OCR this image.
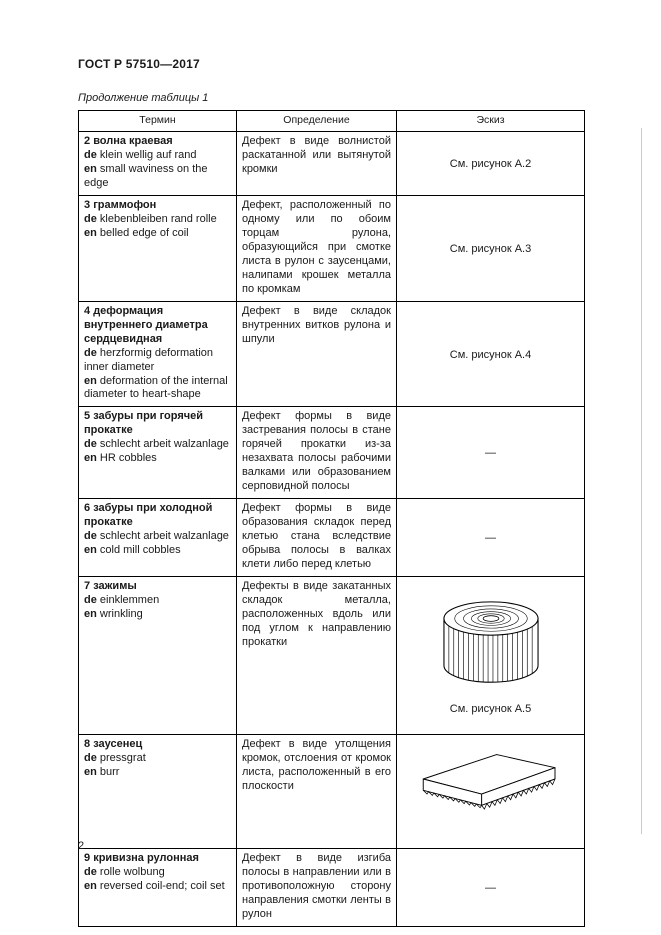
ГОСТ Р 57510—2017
Продолжение таблицы 1
Термин	Определение	Эскиз

2 волна краевая
de klein wellig auf rand
en small waviness on the edge	Дефект в виде волнистой раскатанной или вытянутой кромки	См. рисунок А.2

3 граммофон
de klebenbleiben rand rolle
en belled edge of coil	Дефект, расположенный по одному или по обоим торцам рулона, образующийся при смотке листа в рулон с заусенцами, налипами крошек металла по кромкам	См. рисунок А.3

4 деформация внутреннего диаметра сердцевидная
de herzformig deformation inner diameter
en deformation of the internal diameter to heart-shape	Дефект в виде складок внутренних витков рулона и шпули	См. рисунок А.4

5 забуры при горячей прокатке
de schlecht arbeit walzanlage
en HR cobbles	Дефект формы в виде застревания полосы в стане горячей прокатки из-за незахвата полосы рабочими валками или образованием серповидной полосы	—

6 забуры при холодной прокатке
de schlecht arbeit walzanlage
en cold mill cobbles	Дефект формы в виде образования складок перед клетью стана вследствие обрыва полосы в валках клети либо перед клетью	—

7 зажимы
de einklemmen
en wrinkling	Дефекты в виде закатанных складок металла, расположенных вдоль или под углом к направлению прокатки	См. рисунок А.5

8 заусенец
de pressgrat
en burr	Дефект в виде утолщения кромок, отслоения от кромок листа, расположенный в его плоскости	

9 кривизна рулонная
de rolle wolbung
en reversed coil-end; coil set	Дефект в виде изгиба полосы в направлении или в противоположную сторону направления смотки ленты в рулон	—
2
